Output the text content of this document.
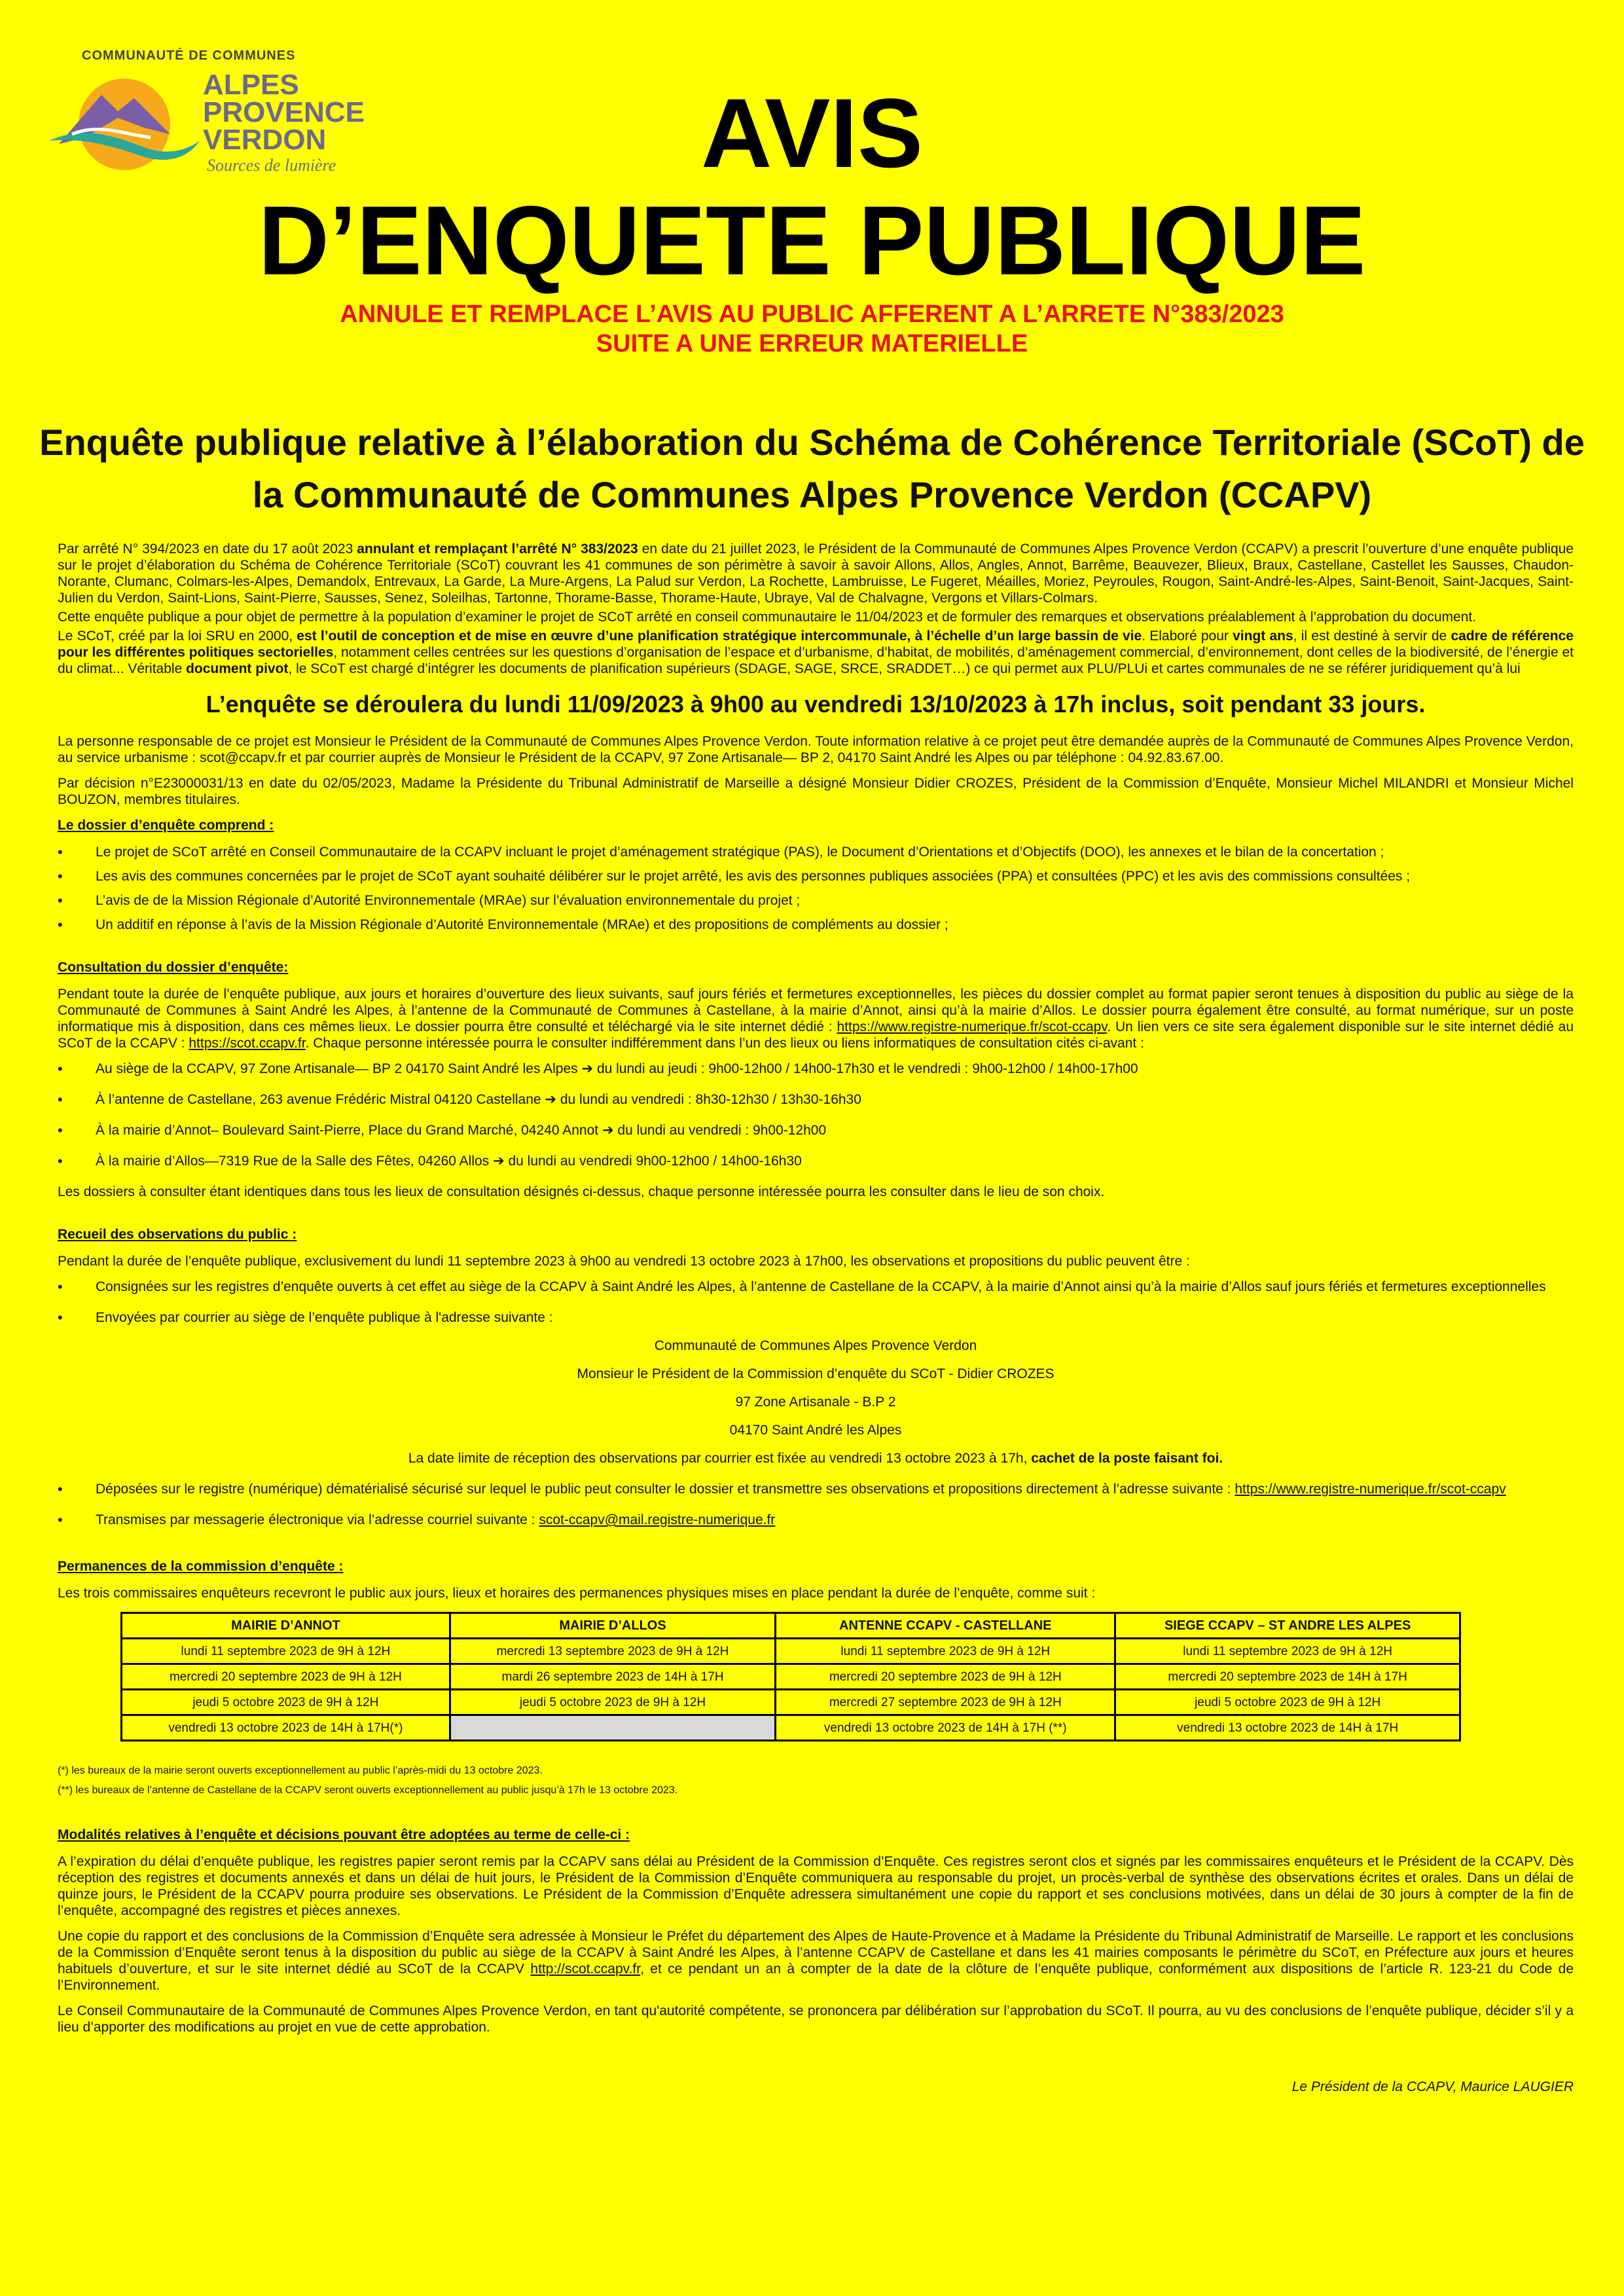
COMMUNAUTÉ DE COMMUNES
ALPES
PROVENCE
VERDON
Sources de lumière	AVIS
D’ENQUETE PUBLIQUE
ANNULE ET REMPLACE L’AVIS AU PUBLIC AFFERENT A L’ARRETE N°383/2023
SUITE A UNE ERREUR MATERIELLE
Enquête publique relative à l’élaboration du Schéma de Cohérence Territoriale (SCoT) de la Communauté de Communes Alpes Provence Verdon (CCAPV)

Par arrêté N° 394/2023 en date du 17 août 2023 annulant et remplaçant l’arrêté N° 383/2023 en date du 21 juillet 2023, le Président de la Communauté de Communes Alpes Provence Verdon (CCAPV) a prescrit l’ouverture d’une enquête publique sur le projet d’élaboration du Schéma de Cohérence Territoriale (SCoT) couvrant les 41 communes de son périmètre à savoir à savoir Allons, Allos, Angles, Annot, Barrême, Beauvezer, Blieux, Braux, Castellane, Castellet les Sausses, Chaudon-Norante, Clumanc, Colmars-les-Alpes, Demandolx, Entrevaux, La Garde, La Mure-Argens, La Palud sur Verdon, La Rochette, Lambruisse, Le Fugeret, Méailles, Moriez, Peyroules, Rougon, Saint-André-les-Alpes, Saint-Benoit, Saint-Jacques, Saint-Julien du Verdon, Saint-Lions, Saint-Pierre, Sausses, Senez, Soleilhas, Tartonne, Thorame-Basse, Thorame-Haute, Ubraye, Val de Chalvagne, Vergons et Villars-Colmars.

Cette enquête publique a pour objet de permettre à la population d’examiner le projet de SCoT arrêté en conseil communautaire le 11/04/2023 et de formuler des remarques et observations préalablement à l’approbation du document.

Le SCoT, créé par la loi SRU en 2000, est l’outil de conception et de mise en œuvre d’une planification stratégique intercommunale, à l’échelle d’un large bassin de vie. Elaboré pour vingt ans, il est destiné à servir de cadre de référence pour les différentes politiques sectorielles, notamment celles centrées sur les questions d’organisation de l’espace et d’urbanisme, d’habitat, de mobilités, d’aménagement commercial, d’environnement, dont celles de la biodiversité, de l’énergie et du climat... Véritable document pivot, le SCoT est chargé d’intégrer les documents de planification supérieurs (SDAGE, SAGE, SRCE, SRADDET…) ce qui permet aux PLU/PLUi et cartes communales de ne se référer juridiquement qu’à lui

L’enquête se déroulera du lundi 11/09/2023 à 9h00 au vendredi 13/10/2023 à 17h inclus, soit pendant 33 jours.

La personne responsable de ce projet est Monsieur le Président de la Communauté de Communes Alpes Provence Verdon. Toute information relative à ce projet peut être demandée auprès de la Communauté de Communes Alpes Provence Verdon, au service urbanisme : scot@ccapv.fr et par courrier auprès de Monsieur le Président de la CCAPV, 97 Zone Artisanale— BP 2, 04170 Saint André les Alpes ou par téléphone : 04.92.83.67.00.

Par décision n°E23000031/13 en date du 02/05/2023, Madame la Présidente du Tribunal Administratif de Marseille a désigné Monsieur Didier CROZES, Président de la Commission d’Enquête, Monsieur Michel MILANDRI et Monsieur Michel BOUZON, membres titulaires.

Le dossier d’enquête comprend :

• Le projet de SCoT arrêté en Conseil Communautaire de la CCAPV incluant le projet d’aménagement stratégique (PAS), le Document d’Orientations et d’Objectifs (DOO), les annexes et le bilan de la concertation ;
• Les avis des communes concernées par le projet de SCoT ayant souhaité délibérer sur le projet arrêté, les avis des personnes publiques associées (PPA) et consultées (PPC) et les avis des commissions consultées ;
• L’avis de de la Mission Régionale d’Autorité Environnementale (MRAe) sur l’évaluation environnementale du projet ;
• Un additif en réponse à l’avis de la Mission Régionale d’Autorité Environnementale (MRAe) et des propositions de compléments au dossier ;

Consultation du dossier d’enquête:

Pendant toute la durée de l’enquête publique, aux jours et horaires d’ouverture des lieux suivants, sauf jours fériés et fermetures exceptionnelles, les pièces du dossier complet au format papier seront tenues à disposition du public au siège de la Communauté de Communes à Saint André les Alpes, à l’antenne de la Communauté de Communes à Castellane, à la mairie d’Annot, ainsi qu’à la mairie d’Allos. Le dossier pourra également être consulté, au format numérique, sur un poste informatique mis à disposition, dans ces mêmes lieux. Le dossier pourra être consulté et téléchargé via le site internet dédié : https://www.registre-numerique.fr/scot-ccapv. Un lien vers ce site sera également disponible sur le site internet dédié au SCoT de la CCAPV : https://scot.ccapv.fr. Chaque personne intéressée pourra le consulter indifféremment dans l’un des lieux ou liens informatiques de consultation cités ci-avant :

• Au siège de la CCAPV, 97 Zone Artisanale— BP 2 04170 Saint André les Alpes ➔ du lundi au jeudi : 9h00-12h00 / 14h00-17h30 et le vendredi : 9h00-12h00 / 14h00-17h00
• À l’antenne de Castellane, 263 avenue Frédéric Mistral 04120 Castellane ➔ du lundi au vendredi : 8h30-12h30 / 13h30-16h30
• À la mairie d’Annot– Boulevard Saint-Pierre, Place du Grand Marché, 04240 Annot ➔ du lundi au vendredi : 9h00-12h00
• À la mairie d’Allos—7319 Rue de la Salle des Fêtes, 04260 Allos ➔ du lundi au vendredi 9h00-12h00 / 14h00-16h30

Les dossiers à consulter étant identiques dans tous les lieux de consultation désignés ci-dessus, chaque personne intéressée pourra les consulter dans le lieu de son choix.

Recueil des observations du public :

Pendant la durée de l’enquête publique, exclusivement du lundi 11 septembre 2023 à 9h00 au vendredi 13 octobre 2023 à 17h00, les observations et propositions du public peuvent être :

• Consignées sur les registres d’enquête ouverts à cet effet au siège de la CCAPV à Saint André les Alpes, à l’antenne de Castellane de la CCAPV, à la mairie d’Annot ainsi qu’à la mairie d’Allos sauf jours fériés et fermetures exceptionnelles
• Envoyées par courrier au siège de l’enquête publique à l'adresse suivante :

Communauté de Communes Alpes Provence Verdon

Monsieur le Président de la Commission d’enquête du SCoT - Didier CROZES

97 Zone Artisanale - B.P 2

04170 Saint André les Alpes

La date limite de réception des observations par courrier est fixée au vendredi 13 octobre 2023 à 17h, cachet de la poste faisant foi.

• Déposées sur le registre (numérique) dématérialisé sécurisé sur lequel le public peut consulter le dossier et transmettre ses observations et propositions directement à l’adresse suivante : https://www.registre-numerique.fr/scot-ccapv
• Transmises par messagerie électronique via l’adresse courriel suivante : scot-ccapv@mail.registre-numerique.fr

Permanences de la commission d’enquête :

Les trois commissaires enquêteurs recevront le public aux jours, lieux et horaires des permanences physiques mises en place pendant la durée de l’enquête, comme suit :

MAIRIE D’ANNOT	MAIRIE D’ALLOS	ANTENNE CCAPV - CASTELLANE	SIEGE CCAPV – ST ANDRE LES ALPES
lundi 11 septembre 2023 de 9H à 12H	mercredi 13 septembre 2023 de 9H à 12H	lundi 11 septembre 2023 de 9H à 12H	lundi 11 septembre 2023 de 9H à 12H
mercredi 20 septembre 2023 de 9H à 12H	mardi 26 septembre 2023 de 14H à 17H	mercredi 20 septembre 2023 de 9H à 12H	mercredi 20 septembre 2023 de 14H à 17H
jeudi 5 octobre 2023 de 9H à 12H	jeudi 5 octobre 2023 de 9H à 12H	mercredi 27 septembre 2023 de 9H à 12H	jeudi 5 octobre 2023 de 9H à 12H
vendredi 13 octobre 2023 de 14H à 17H(*)		vendredi 13 octobre 2023 de 14H à 17H (**)	vendredi 13 octobre 2023 de 14H à 17H

(*) les bureaux de la mairie seront ouverts exceptionnellement au public l’après-midi du 13 octobre 2023.

(**) les bureaux de l’antenne de Castellane de la CCAPV seront ouverts exceptionnellement au public jusqu’à 17h le 13 octobre 2023.

Modalités relatives à l’enquête et décisions pouvant être adoptées au terme de celle-ci :

A l’expiration du délai d’enquête publique, les registres papier seront remis par la CCAPV sans délai au Président de la Commission d’Enquête. Ces registres seront clos et signés par les commissaires enquêteurs et le Président de la CCAPV. Dès réception des registres et documents annexés et dans un délai de huit jours, le Président de la Commission d’Enquête communiquera au responsable du projet, un procès-verbal de synthèse des observations écrites et orales. Dans un délai de quinze jours, le Président de la CCAPV pourra produire ses observations. Le Président de la Commission d’Enquête adressera simultanément une copie du rapport et ses conclusions motivées, dans un délai de 30 jours à compter de la fin de l’enquête, accompagné des registres et pièces annexes.

Une copie du rapport et des conclusions de la Commission d’Enquête sera adressée à Monsieur le Préfet du département des Alpes de Haute-Provence et à Madame la Présidente du Tribunal Administratif de Marseille. Le rapport et les conclusions de la Commission d’Enquête seront tenus à la disposition du public au siège de la CCAPV à Saint André les Alpes, à l’antenne CCAPV de Castellane et dans les 41 mairies composants le périmètre du SCoT, en Préfecture aux jours et heures habituels d’ouverture, et sur le site internet dédié au SCoT de la CCAPV http://scot.ccapv.fr, et ce pendant un an à compter de la date de la clôture de l’enquête publique, conformément aux dispositions de l’article R. 123-21 du Code de l’Environnement.

Le Conseil Communautaire de la Communauté de Communes Alpes Provence Verdon, en tant qu'autorité compétente, se prononcera par délibération sur l’approbation du SCoT. Il pourra, au vu des conclusions de l’enquête publique, décider s’il y a lieu d’apporter des modifications au projet en vue de cette approbation.

Le Président de la CCAPV, Maurice LAUGIER
